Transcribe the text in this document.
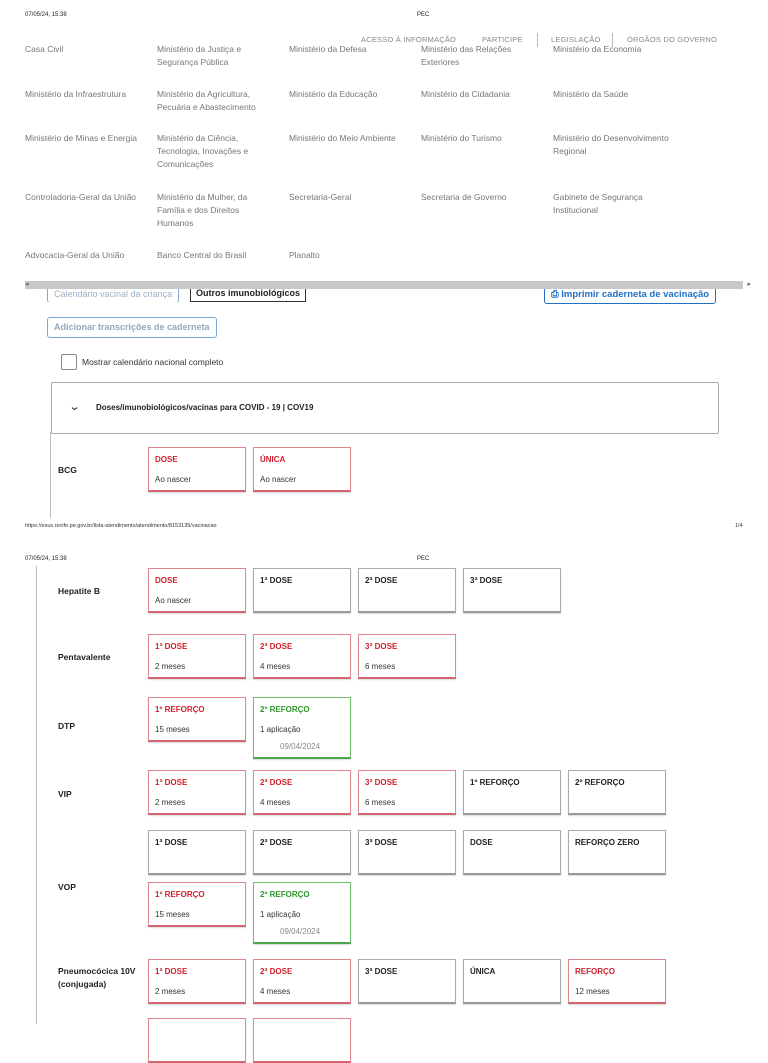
07/05/24, 15:38	PEC
ACESSO À INFORMAÇÃO	PARTICIPE	LEGISLAÇÃO	ÓRGÃOS DO GOVERNO
Casa Civil	Ministério da Justiça e Segurança Pública
Ministério da Defesa	Ministério das Relações Exteriores
Ministério da Economia
Ministério da Infraestrutura	Ministério da Agricultura, Pecuária e Abastecimento
Ministério da Educação	Ministério da Cidadania	Ministério da Saúde
Ministério de Minas e Energia	Ministério da Ciência, Tecnologia, Inovações e Comunicações
Ministério do Meio Ambiente	Ministério do Turismo	Ministério do Desenvolvimento Regional
Controladoria-Geral da União	Ministério da Mulher, da Família e dos Direitos Humanos
Secretaria-Geral	Secretaria de Governo	Gabinete de Segurança Institucional
Advocacia-Geral da União	Banco Central do Brasil	Planalto
◂	▸
Calendário vacinal da criança	Outros imunobiológicos	⎙ Imprimir caderneta de vacinação
Adicionar transcrições de caderneta
Mostrar calendário nacional completo
⌄ Doses/imunobiológicos/vacinas para COVID - 19 | COV19
BCG
DOSE
Ao nascer
ÚNICA
Ao nascer
Hepatite B
DOSE
Ao nascer
1ª DOSE	2ª DOSE	3ª DOSE
Pentavalente
1ª DOSE
2 meses
2ª DOSE
4 meses
3ª DOSE
6 meses
DTP
1º REFORÇO
15 meses
2º REFORÇO
1 aplicação
09/04/2024
VIP
1ª DOSE
2 meses
2ª DOSE
4 meses
3ª DOSE
6 meses
1º REFORÇO	2º REFORÇO
VOP
1ª DOSE	2ª DOSE	3ª DOSE	DOSE	REFORÇO ZERO
1º REFORÇO
15 meses
2º REFORÇO
1 aplicação
09/04/2024
Pneumocócica 10V (conjugada)
1ª DOSE
2 meses
2ª DOSE
4 meses
3ª DOSE	ÚNICA	REFORÇO
12 meses
https://esus.recife.pe.gov.br/lista-atendimento/atendimento/8153135/vacinacao	1/4
07/05/24, 15:38	PEC
